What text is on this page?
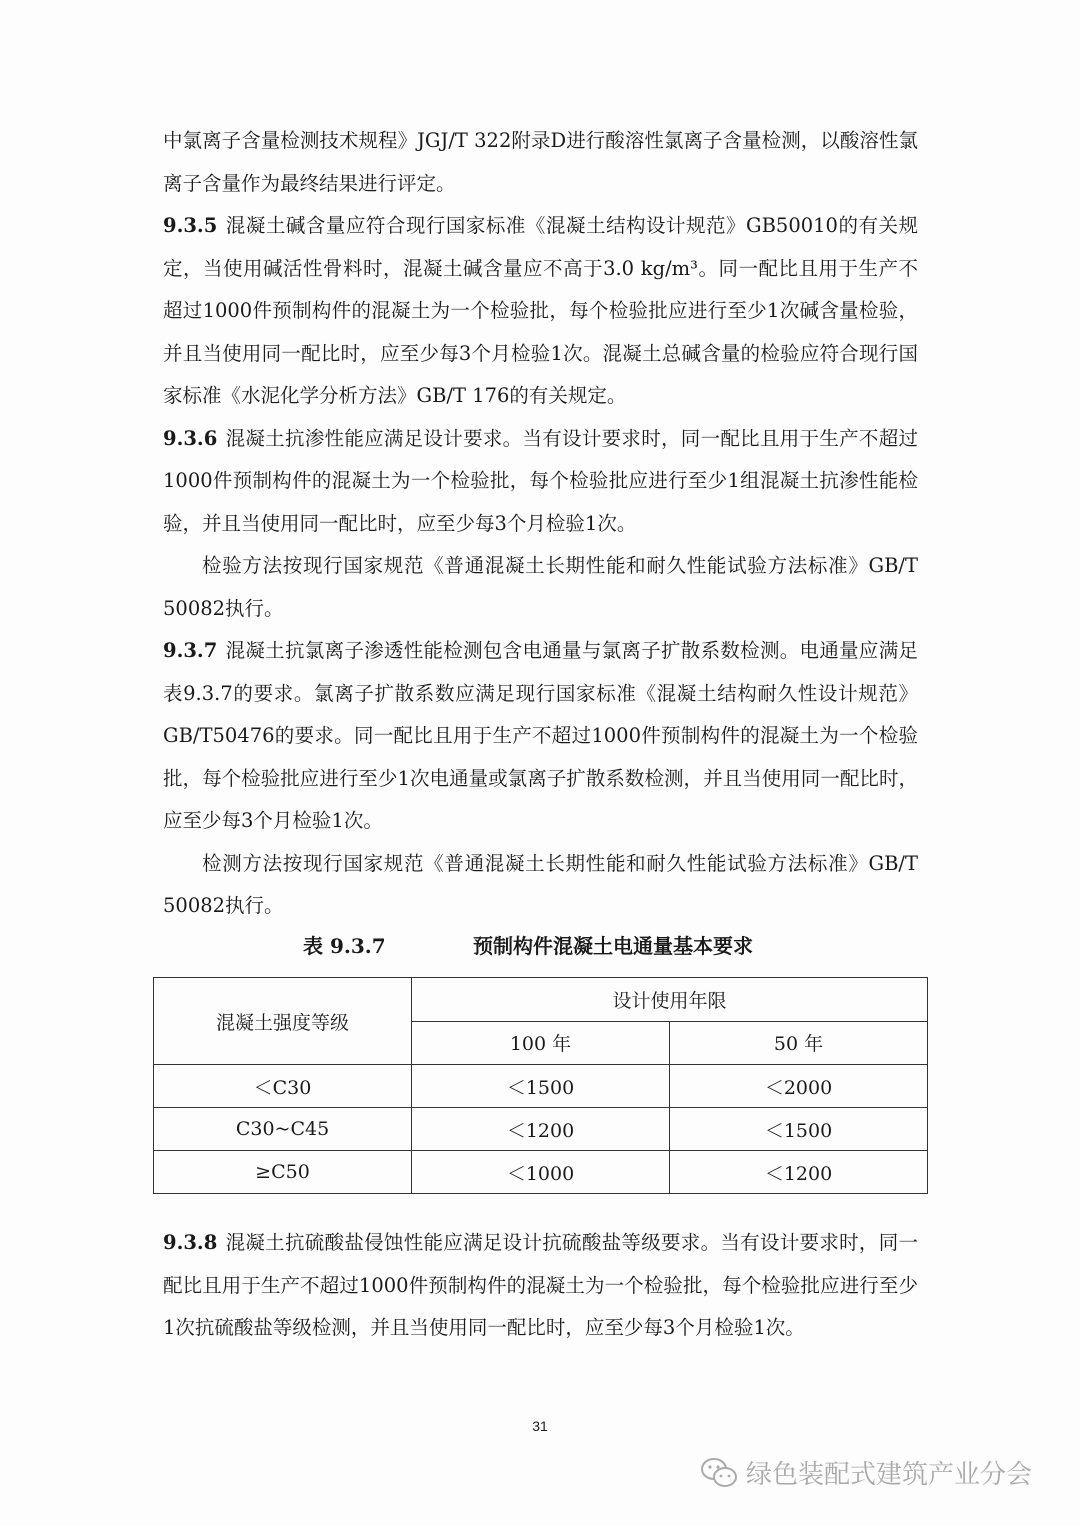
中氯离子含量检测技术规程》JGJ/T 322附录D进行酸溶性氯离子含量检测，以酸溶性氯离子含量作为最终结果进行评定。

9.3.5 混凝土碱含量应符合现行国家标准《混凝土结构设计规范》GB50010的有关规定，当使用碱活性骨料时，混凝土碱含量应不高于3.0 kg/m³。同一配比且用于生产不超过1000件预制构件的混凝土为一个检验批，每个检验批应进行至少1次碱含量检验，并且当使用同一配比时，应至少每3个月检验1次。混凝土总碱含量的检验应符合现行国家标准《水泥化学分析方法》GB/T 176的有关规定。

9.3.6 混凝土抗渗性能应满足设计要求。当有设计要求时，同一配比且用于生产不超过1000件预制构件的混凝土为一个检验批，每个检验批应进行至少1组混凝土抗渗性能检验，并且当使用同一配比时，应至少每3个月检验1次。

检验方法按现行国家规范《普通混凝土长期性能和耐久性能试验方法标准》GB/T 50082执行。

9.3.7 混凝土抗氯离子渗透性能检测包含电通量与氯离子扩散系数检测。电通量应满足表9.3.7的要求。氯离子扩散系数应满足现行国家标准《混凝土结构耐久性设计规范》GB/T50476的要求。同一配比且用于生产不超过1000件预制构件的混凝土为一个检验批，每个检验批应进行至少1次电通量或氯离子扩散系数检测，并且当使用同一配比时，应至少每3个月检验1次。

检测方法按现行国家规范《普通混凝土长期性能和耐久性能试验方法标准》GB/T 50082执行。

表 9.3.7	预制构件混凝土电通量基本要求
混凝土强度等级	设计使用年限	
	100 年	50 年
＜C30	＜1500	＜2000
C30~C45	＜1200	＜1500
≥C50	＜1000	＜1200

9.3.8 混凝土抗硫酸盐侵蚀性能应满足设计抗硫酸盐等级要求。当有设计要求时，同一配比且用于生产不超过1000件预制构件的混凝土为一个检验批，每个检验批应进行至少1次抗硫酸盐等级检测，并且当使用同一配比时，应至少每3个月检验1次。

31
绿色装配式建筑产业分会
